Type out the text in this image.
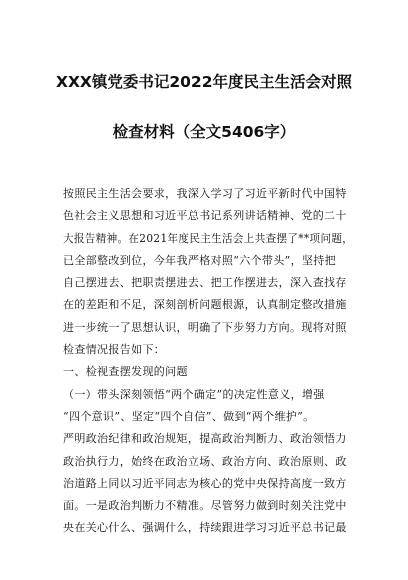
XXX镇党委书记2022年度民主生活会对照
检查材料（全文5406字）
按照民主生活会要求，我深入学习了习近平新时代中国特
色社会主义思想和习近平总书记系列讲话精神、党的二十
大报告精神。在2021年度民主生活会上共查摆了**项问题，
已全部整改到位，今年我严格对照“六个带头”，坚持把
自己摆进去、把职责摆进去、把工作摆进去，深入查找存
在的差距和不足，深刻剖析问题根源，认真制定整改措施
进一步统一了思想认识，明确了下步努力方向。现将对照
检查情况报告如下：
一、检视查摆发现的问题
（一）带头深刻领悟“两个确定”的决定性意义，增强
“四个意识”、坚定“四个自信”、做到“两个维护”。
严明政治纪律和政治规矩，提高政治判断力、政治领悟力
政治执行力，始终在政治立场、政治方向、政治原则、政
治道路上同以习近平同志为核心的党中央保持高度一致方
面。一是政治判断力不精准。尽管努力做到时刻关注党中
央在关心什么、强调什么，持续跟进学习习近平总书记最
